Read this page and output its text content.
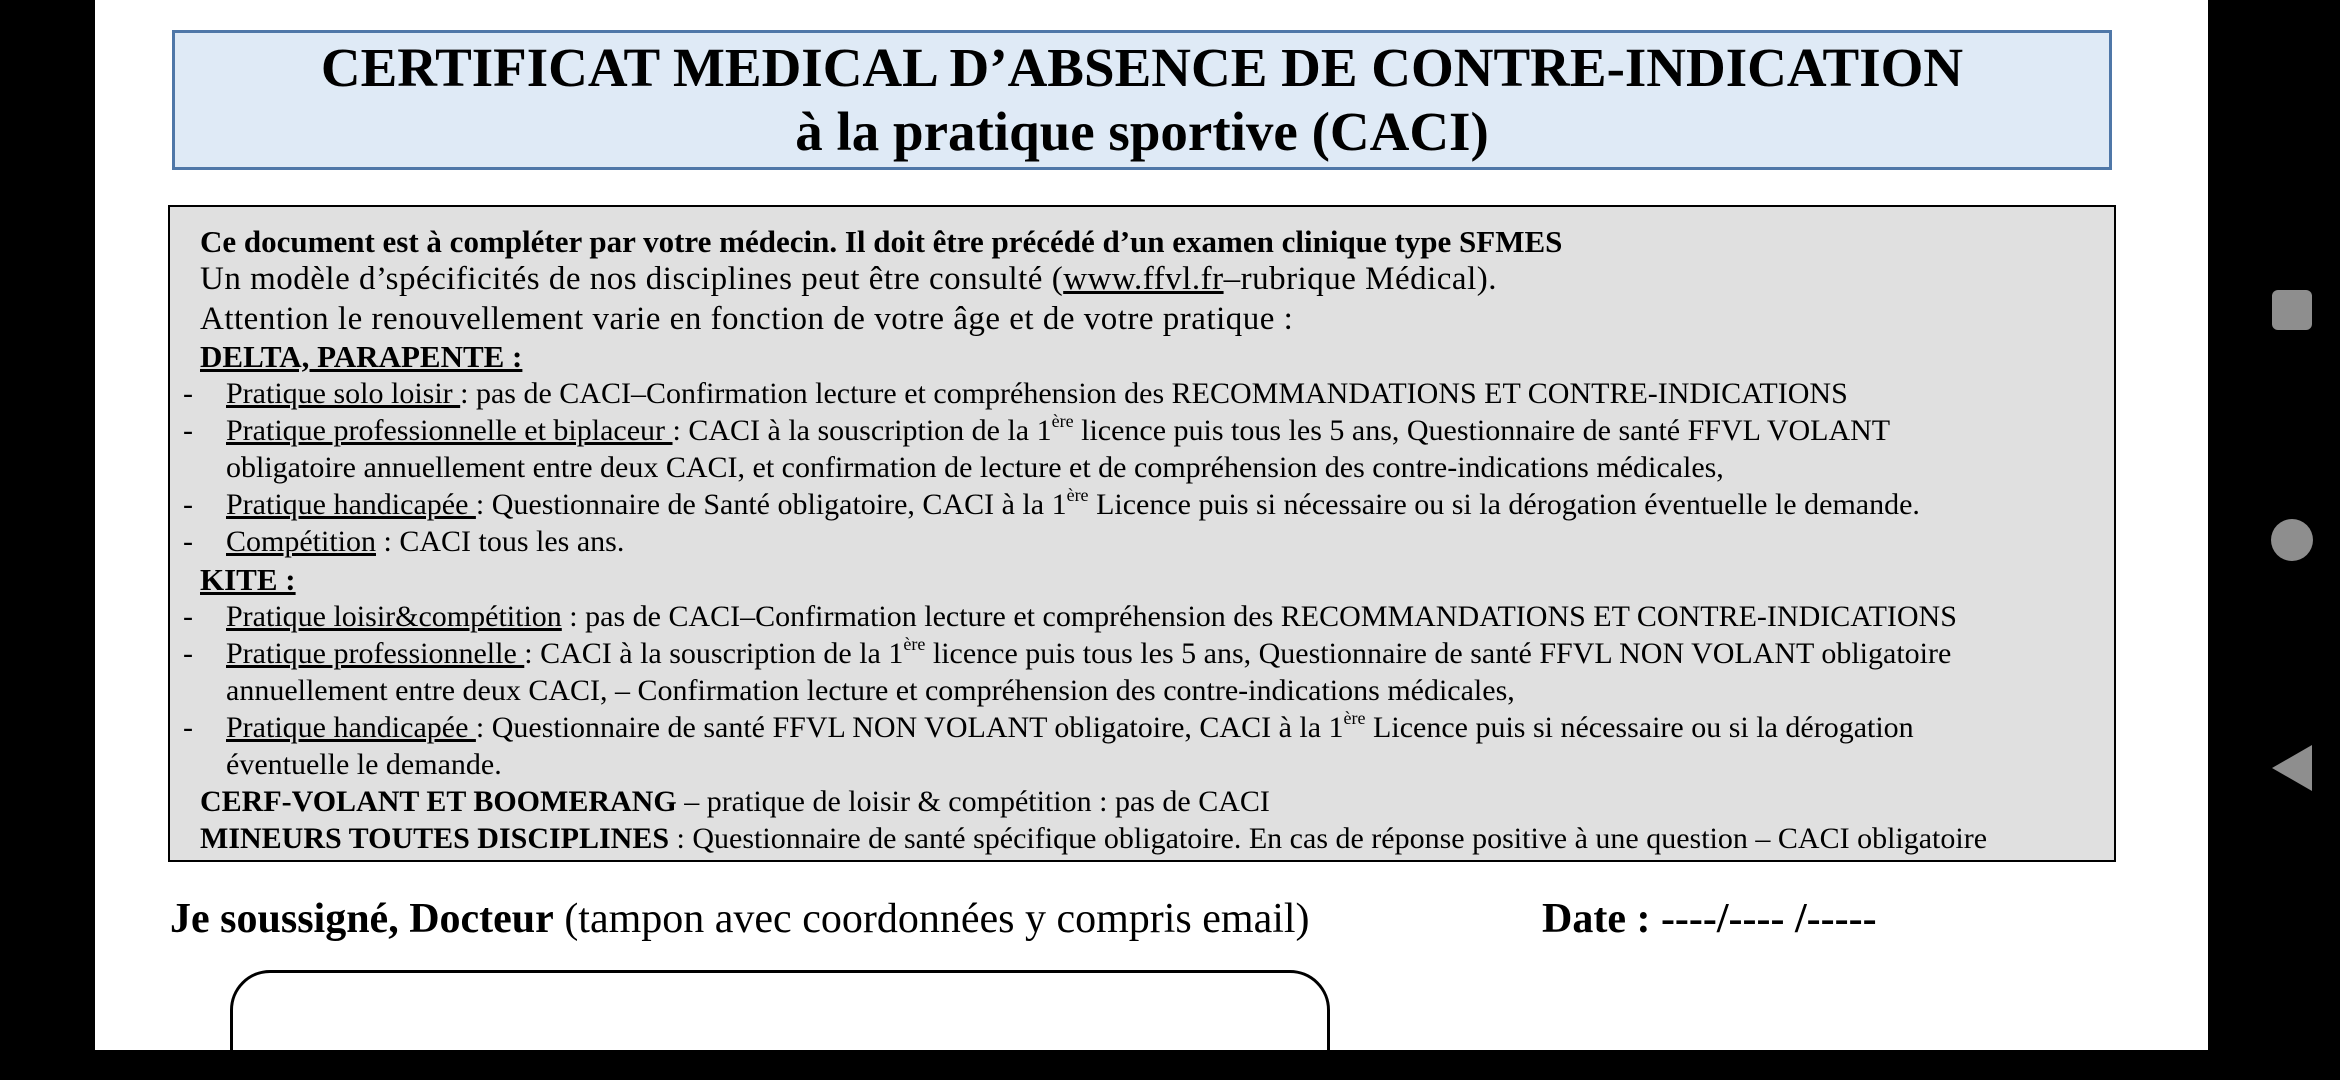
CERTIFICAT MEDICAL D’ABSENCE DE CONTRE-INDICATION
à la pratique sportive (CACI)
Ce document est à compléter par votre médecin. Il doit être précédé d’un examen clinique type SFMES
Un modèle d’spécificités de nos disciplines peut être consulté (www.ffvl.fr–rubrique Médical).
Attention le renouvellement varie en fonction de votre âge et de votre pratique :
DELTA, PARAPENTE :
- Pratique solo loisir : pas de CACI–Confirmation lecture et compréhension des RECOMMANDATIONS ET CONTRE-INDICATIONS
- Pratique professionnelle et biplaceur : CACI à la souscription de la 1ère licence puis tous les 5 ans, Questionnaire de santé FFVL VOLANT
obligatoire annuellement entre deux CACI, et confirmation de lecture et de compréhension des contre-indications médicales,
- Pratique handicapée : Questionnaire de Santé obligatoire, CACI à la 1ère Licence puis si nécessaire ou si la dérogation éventuelle le demande.
- Compétition : CACI tous les ans.
KITE :
- Pratique loisir&compétition : pas de CACI–Confirmation lecture et compréhension des RECOMMANDATIONS ET CONTRE-INDICATIONS
- Pratique professionnelle : CACI à la souscription de la 1ère licence puis tous les 5 ans, Questionnaire de santé FFVL NON VOLANT obligatoire
annuellement entre deux CACI, – Confirmation lecture et compréhension des contre-indications médicales,
- Pratique handicapée : Questionnaire de santé FFVL NON VOLANT obligatoire, CACI à la 1ère Licence puis si nécessaire ou si la dérogation
éventuelle le demande.
CERF-VOLANT ET BOOMERANG – pratique de loisir & compétition : pas de CACI
MINEURS TOUTES DISCIPLINES : Questionnaire de santé spécifique obligatoire. En cas de réponse positive à une question – CACI obligatoire
Je soussigné, Docteur (tampon avec coordonnées y compris email)	Date : ----/---- /-----
